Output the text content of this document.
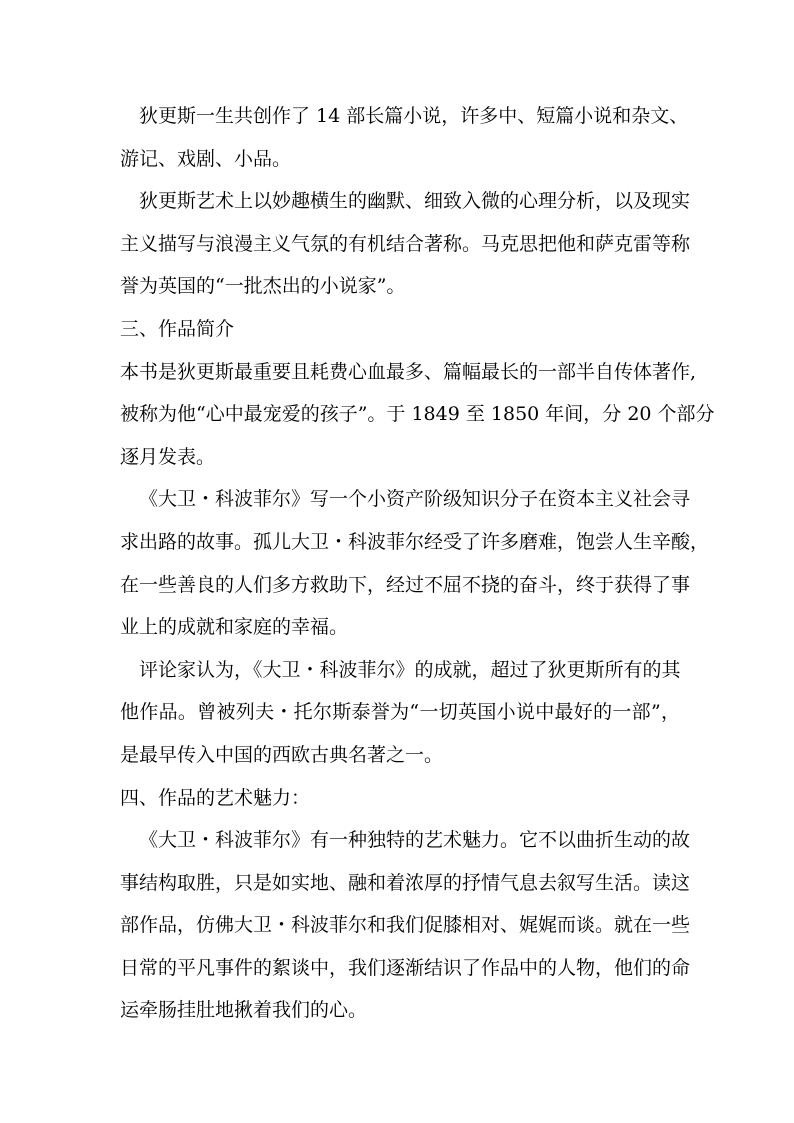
狄更斯一生共创作了 14 部长篇小说，许多中、短篇小说和杂文、
游记、戏剧、小品。
狄更斯艺术上以妙趣横生的幽默、细致入微的心理分析，以及现实
主义描写与浪漫主义气氛的有机结合著称。马克思把他和萨克雷等称
誉为英国的“一批杰出的小说家”。
三、作品简介
本书是狄更斯最重要且耗费心血最多、篇幅最长的一部半自传体著作,
被称为他“心中最宠爱的孩子”。于 1849 至 1850 年间，分 20 个部分
逐月发表。
《大卫・科波菲尔》写一个小资产阶级知识分子在资本主义社会寻
求出路的故事。孤儿大卫・科波菲尔经受了许多磨难，饱尝人生辛酸，
在一些善良的人们多方救助下，经过不屈不挠的奋斗，终于获得了事
业上的成就和家庭的幸福。
评论家认为，《大卫・科波菲尔》的成就，超过了狄更斯所有的其
他作品。曾被列夫・托尔斯泰誉为“一切英国小说中最好的一部”，
是最早传入中国的西欧古典名著之一。
四、作品的艺术魅力：
《大卫・科波菲尔》有一种独特的艺术魅力。它不以曲折生动的故
事结构取胜，只是如实地、融和着浓厚的抒情气息去叙写生活。读这
部作品，仿佛大卫・科波菲尔和我们促膝相对、娓娓而谈。就在一些
日常的平凡事件的絮谈中，我们逐渐结识了作品中的人物，他们的命
运牵肠挂肚地揪着我们的心。
